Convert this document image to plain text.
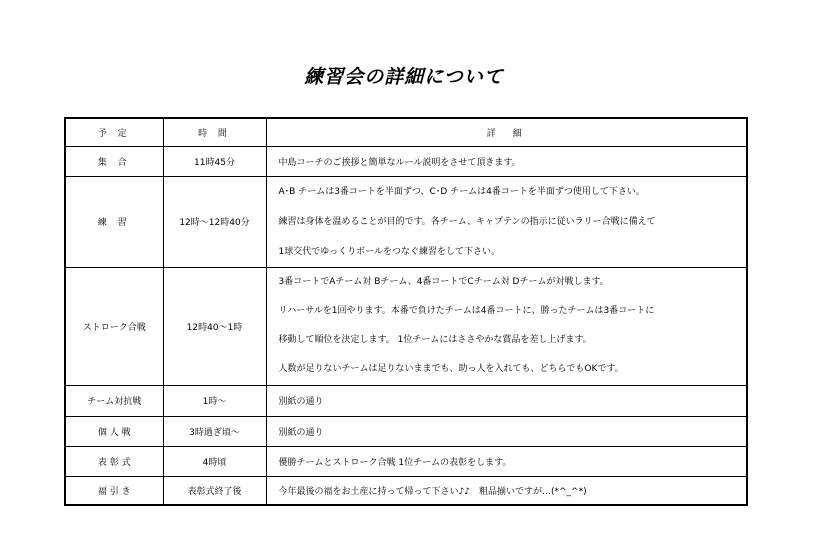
練習会の詳細について
予 定	時 間	詳　細
集 合	11時45分	中島コーチのご挨拶と簡単なルール説明をさせて頂きます。

練 習	12時～12時40分	A･B チームは3番コートを半面ずつ、C･D チームは4番コートを半面ずつ使用して下さい。
練習は身体を温めることが目的です。各チーム、キャプテンの指示に従いラリー合戦に備えて
1球交代でゆっくりボールをつなぐ練習をして下さい。

ストローク合戦	12時40～1時	3番コートでAチーム対 Bチーム、4番コートでCチーム対 Dチームが対戦します。
リハーサルを1回やります。本番で負けたチームは4番コートに、勝ったチームは3番コートに
移動して順位を決定します。 1位チームにはささやかな賞品を差し上げます。
人数が足りないチームは足りないままでも、助っ人を入れても、どちらでもOKです。

チーム対抗戦	1時～	別紙の通り

個 人 戦	3時過ぎ頃～	別紙の通り

表 彰 式	4時頃	優勝チームとストローク合戦 1位チームの表彰をします。

福 引 き	表彰式終了後	今年最後の福をお土産に持って帰って下さい♪♪　粗品揃いですが…(*^_^*)
